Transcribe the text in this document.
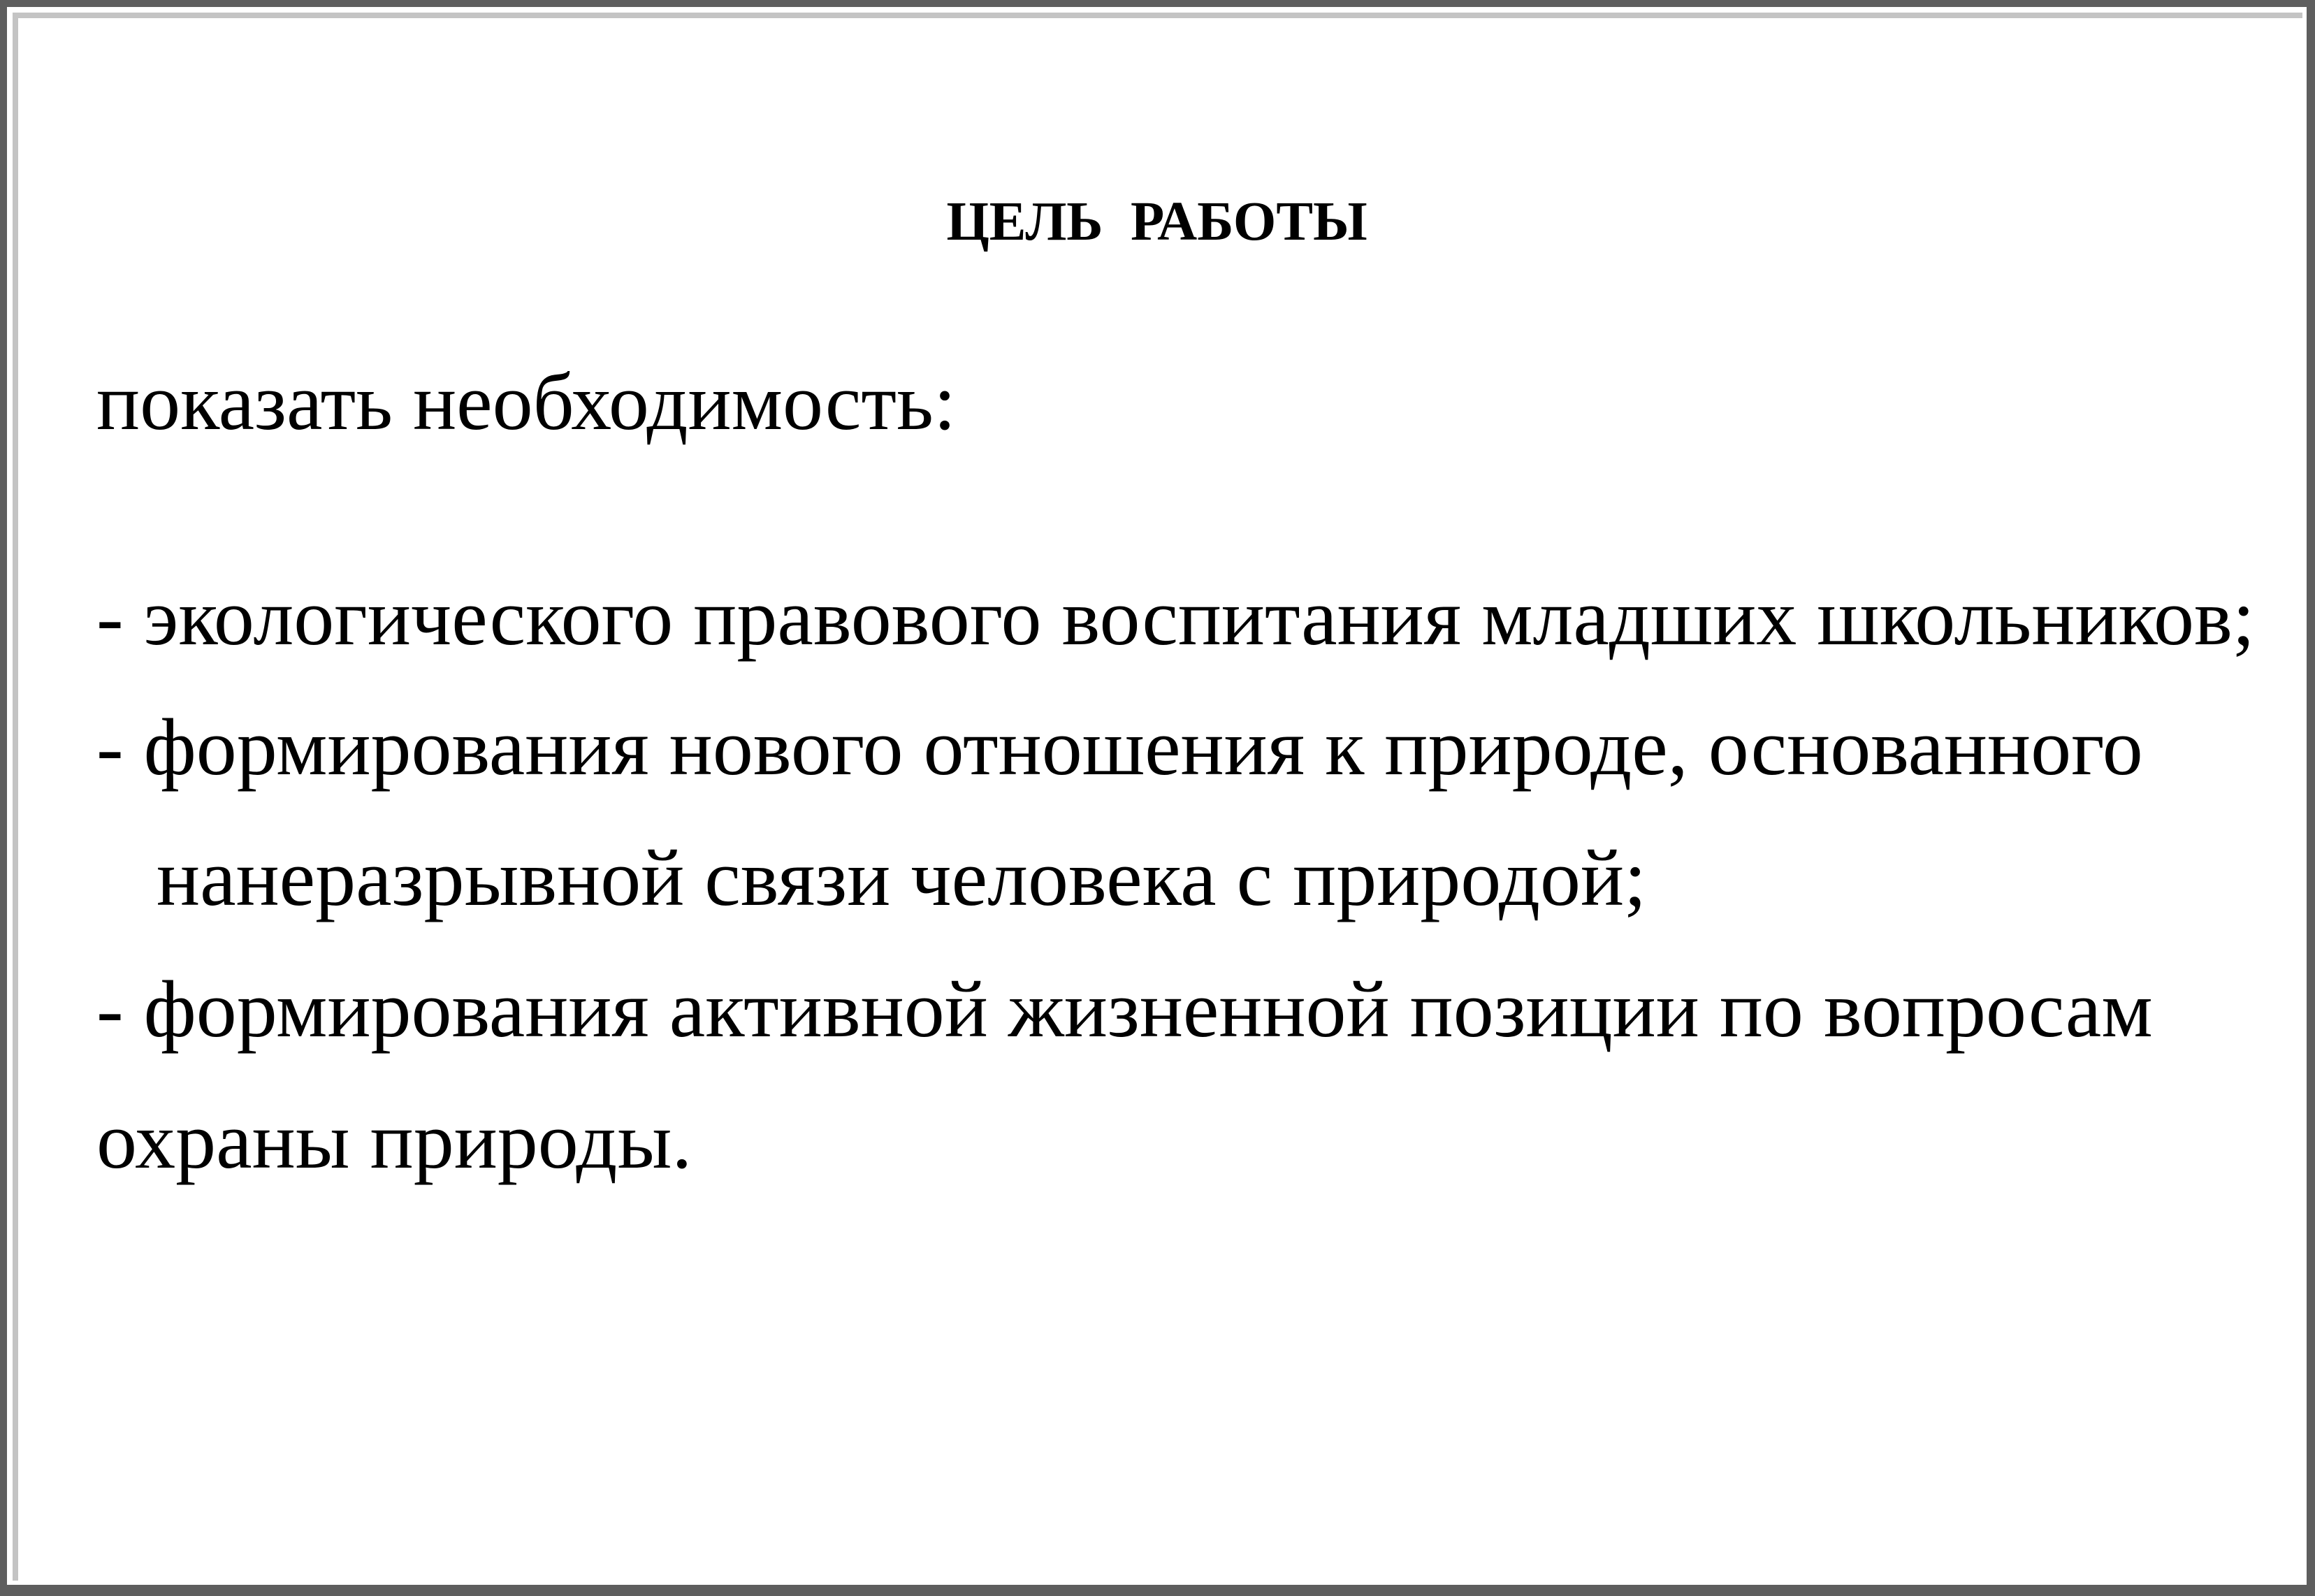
ЦЕЛЬ  РАБОТЫ

показать необходимость:

- экологического правового воспитания младших школьников;

- формирования нового отношения к природе, основанного

нанеразрывной связи человека с природой;

- формирования активной жизненной позиции по вопросам

охраны природы.
